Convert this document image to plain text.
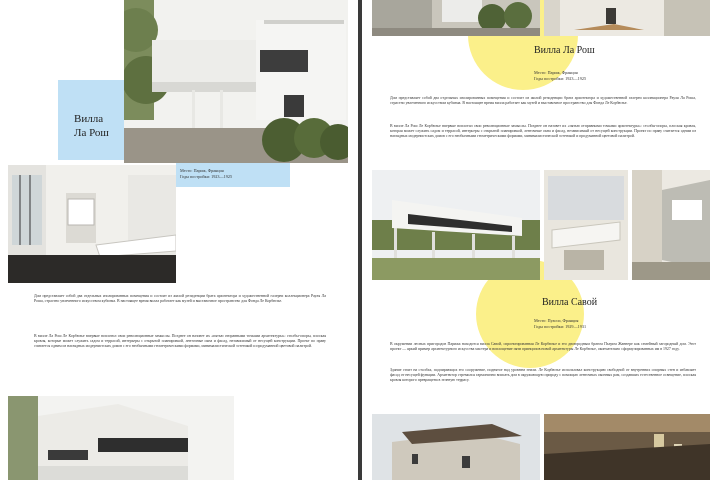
Вилла
Ла Рош
Место: Париж, Франция
Годы постройки: 1923—1925
Дом представляет собой два отдельных изолированных помещения и состоит из жилой резиденции брата архитектора и художественной галереи коллекционера Рауля Ла Роша, страстно увлеченного искусством кубизма. В настоящее время вилла работает как музей и выставочное пространство для Фонда Ле Корбюзье.
В вилле Ла Рош Ле Корбюзье впервые воплотил свои революционные замыслы. Позднее он назовет их «пятью отправными точками архитектуры»: столбы-опоры, плоская кровля, которые может служить садом и террасой, интерьеры с открытой планировкой, ленточные окна и фасад, независимый от несущей конструкции. Проект по праву считается одним из наглядных модернистских домов с его необычными геометрическими формами, минималистической эстетикой и продуманной цветовой палитрой.
Вилла Ла Рош
Место: Париж, Франция
Годы постройки: 1923—1925
Дом представляет собой два отдельных изолированных помещения и состоит из жилой резиденции брата архитектора и художественной галереи коллекционера Рауля Ла Роша, страстно увлеченного искусством кубизма. В настоящее время вилла работает как музей и выставочное пространство для Фонда Ле Корбюзье.
В вилле Ла Рош Ле Корбюзье впервые воплотил свои революционные замыслы. Позднее он назовет их «пятью отправными точками архитектуры»: столбы-опоры, плоская кровля, которая может служить садом и террасой, интерьеры с открытой планировкой, ленточные окна и фасад, независимый от несущей конструкции. Проект по праву считается одним из наглядных модернистских домов с его необычными геометрическими формами, минималистической эстетикой и продуманной цветовой палитрой.
Вилла Савой
Место: Пуасси, Франция
Годы постройки: 1929—1931
В окружении лесных пригородов Парижа находится вилла Савой, спроектированная Ле Корбюзье и его двоюродным братом Пьером Жаннере как семейный загородный дом. Этот проект — яркий пример архитектурного искусства мастера и воплощение пяти принципов новой архитектуры Ле Корбюзье, окончательно сформулированных им в 1927 году.
Здание стоит на столбах, подпирающих его сооружение, поднятое над уровнем земли. Ле Корбюзье использовал конструкцию свободной от внутренних опорных стен и избавляет фасад от несущей функции. Архитектор стремился гармонично вписать дом в окружающую природу с помощью ленточных оконных рам, создавших естественное освещение, плоская кровля которого превращена в зеленую террасу.
